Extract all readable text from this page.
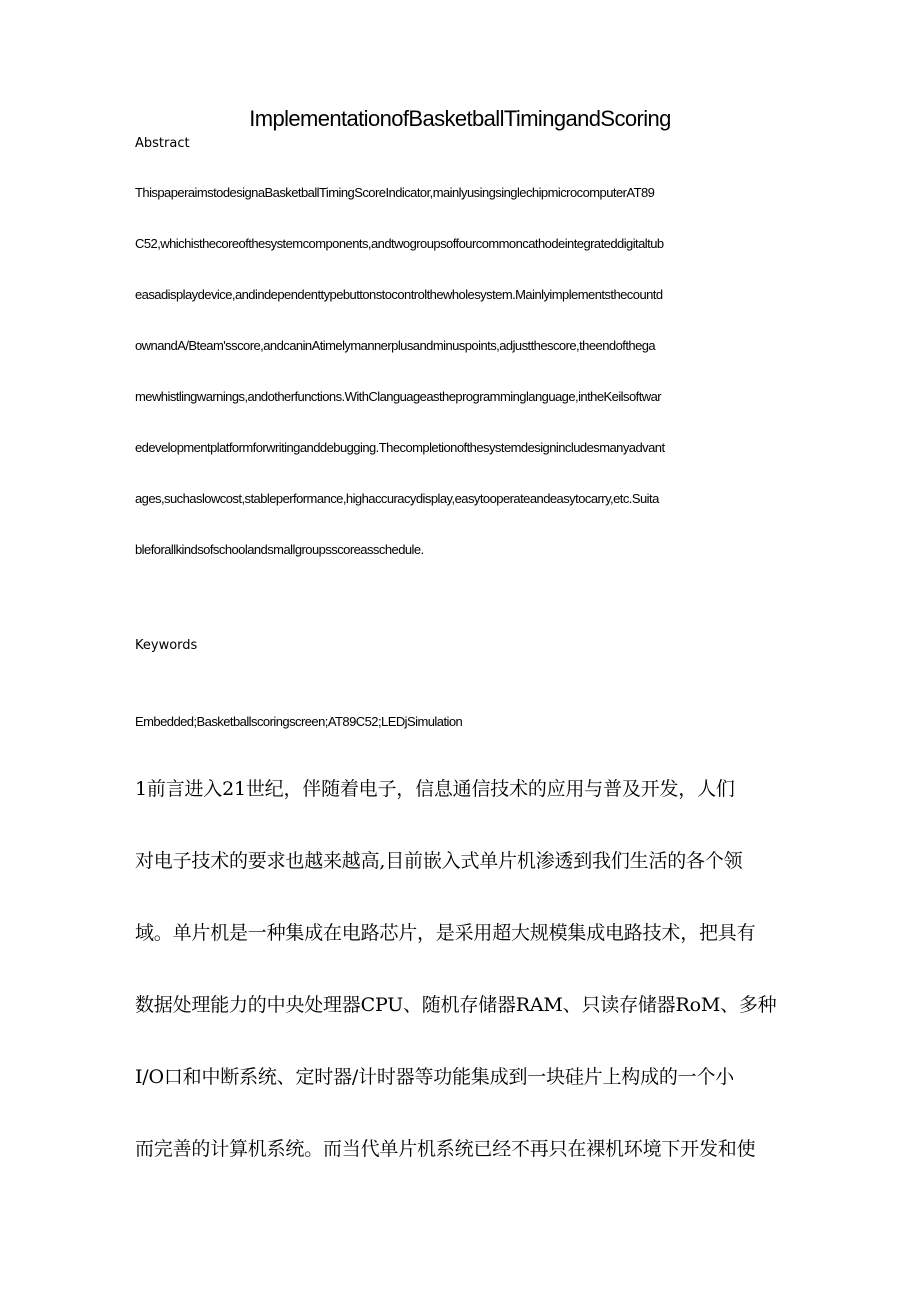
ImplementationofBasketballTimingandScoring
Abstract
ThispaperaimstodesignaBasketballTimingScoreIndicator,mainlyusingsinglechipmicrocomputerAT89
C52,whichisthecoreofthesystemcomponents,andtwogroupsoffourcommoncathodeintegrateddigitaltub
easadisplaydevice,andindependenttypebuttonstocontrolthewholesystem.Mainlyimplementsthecountd
ownandA/Bteam'sscore,andcaninAtimelymannerplusandminuspoints,adjustthescore,theendofthega
mewhistlingwarnings,andotherfunctions.WithClanguageastheprogramminglanguage,intheKeilsoftwar
edevelopmentplatformforwritinganddebugging.Thecompletionofthesystemdesignincludesmanyadvant
ages,suchaslowcost,stableperformance,highaccuracydisplay,easytooperateandeasytocarry,etc.Suita
bleforallkindsofschoolandsmallgroupsscoreasschedule.
Keywords
Embedded;Basketballscoringscreen;AT89C52;LEDjSimulation
1前言进入21世纪，伴随着电子，信息通信技术的应用与普及开发，人们
对电子技术的要求也越来越高,目前嵌入式单片机渗透到我们生活的各个领
域。单片机是一种集成在电路芯片，是采用超大规模集成电路技术，把具有
数据处理能力的中央处理器CPU、随机存储器RAM、只读存储器RoM、多种
I/O口和中断系统、定时器/计时器等功能集成到一块硅片上构成的一个小
而完善的计算机系统。而当代单片机系统已经不再只在裸机环境下开发和使
